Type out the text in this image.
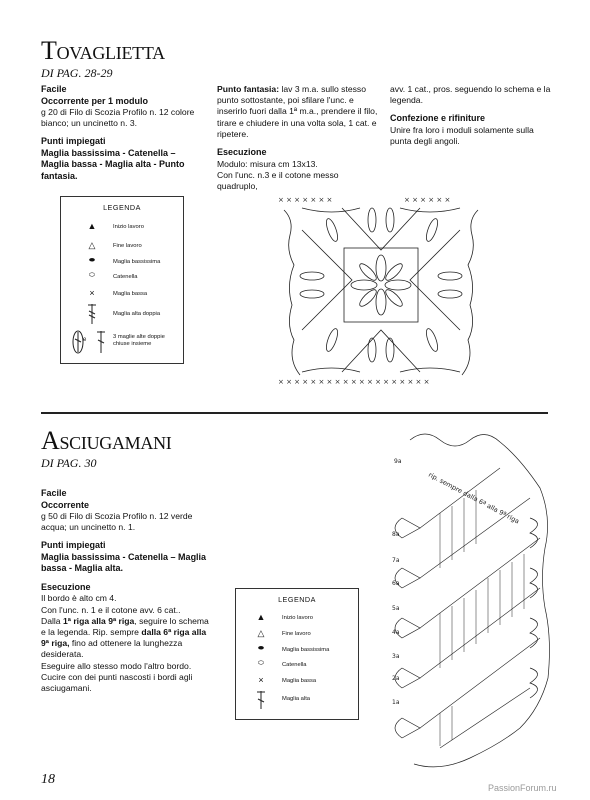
Tovaglietta
DI PAG. 28-29
Facile
Occorrente per 1 modulo
g 20 di Filo di Scozia Profilo n. 12 colore bianco; un uncinetto n. 3.
Punti impiegati
Maglia bassissima - Catenella – Maglia bassa - Maglia alta - Punto fantasia.
Punto fantasia: lav 3 m.a. sullo stesso punto sottostante, poi sfilare l'unc. e inserirlo fuori dalla 1ª m.a., prendere il filo, tirare e chiudere in una volta sola, 1 cat. e ripetere.
Esecuzione
Modulo: misura cm 13x13.
Con l'unc. n.3 e il cotone messo quadruplo,
avv. 1 cat., pros. seguendo lo schema e la legenda.
Confezione e rifiniture
Unire fra loro i moduli solamente sulla punta degli angoli.
LEGENDA
▲	Inizio lavoro
△	Fine lavoro
⬬	Maglia bassissima
⬭	Catenella
×	Maglia bassa
Maglia alta doppia
e	3 maglie alte doppie chiuse insieme
× × × × × × ×	× × × × × ×
× × × × × × × × × × × × × × × × × × ×
Asciugamani
DI PAG. 30
Facile
Occorrente
g 50 di Filo di Scozia Profilo n. 12 verde acqua; un uncinetto n. 1.
Punti impiegati
Maglia bassissima - Catenella – Maglia bassa - Maglia alta.
Esecuzione
Il bordo è alto cm 4.
Con l'unc. n. 1 e il cotone avv. 6 cat..
Dalla 1ª riga alla 9ª riga, seguire lo schema e la legenda. Rip. sempre dalla 6ª riga alla 9ª riga, fino ad ottenere la lunghezza desiderata.
Eseguire allo stesso modo l'altro bordo. Cucire con dei punti nascosti i bordi agli asciugamani.
LEGENDA
▲	Inizio lavoro
△	Fine lavoro
⬬	Maglia bassissima
⬭	Catenella
×	Maglia bassa
Maglia alta
9a
8a
7a
6a
5a
4a
3a
2a
1a
rip. sempre dalla 6ª alla 9ª riga
18
PassionForum.ru
